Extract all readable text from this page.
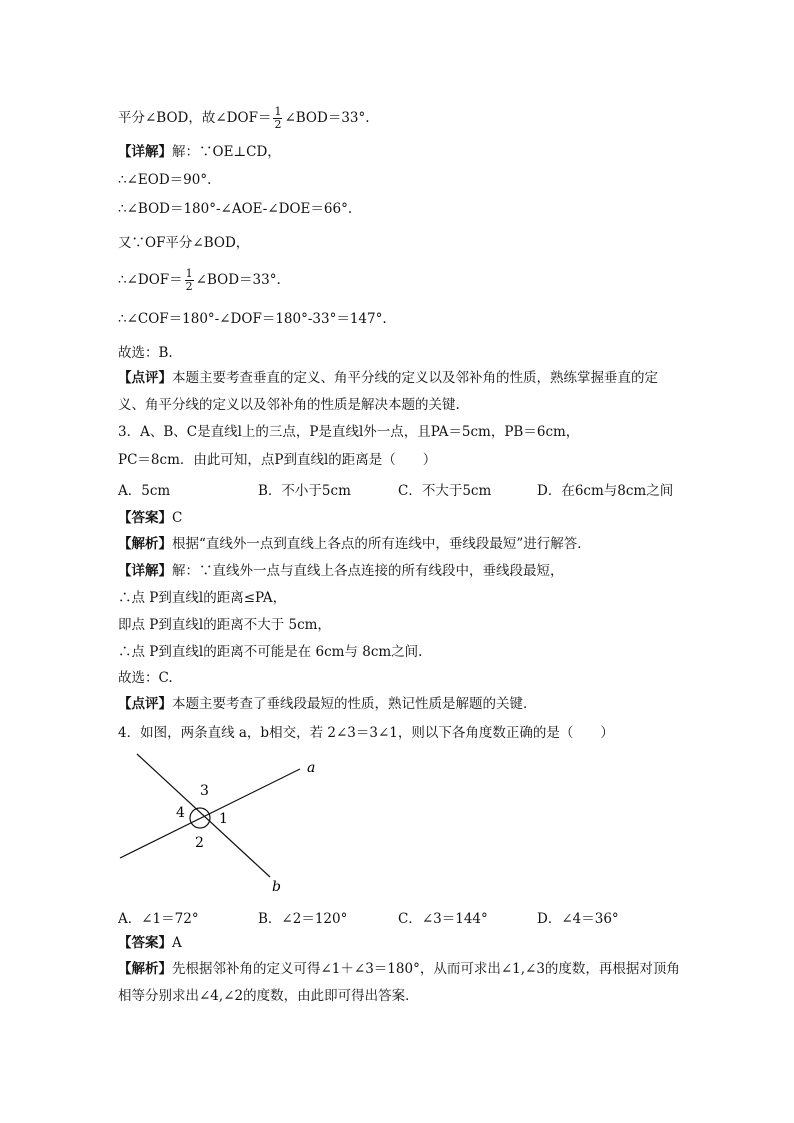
平分∠BOD，故∠DOF＝ $\frac{1}{2}$ ∠BOD＝33°.
【详解】解：∵OE⊥CD，
∴∠EOD＝90°.
∴∠BOD＝180°-∠AOE-∠DOE＝66°.
又∵OF平分∠BOD，
∴∠DOF＝ $\frac{1}{2}$ ∠BOD＝33°.
∴∠COF＝180°-∠DOF＝180°-33°＝147°.
故选：B.
【点评】本题主要考查垂直的定义、角平分线的定义以及邻补角的性质，熟练掌握垂直的定义、角平分线的定义以及邻补角的性质是解决本题的关键.
3．A、B、C是直线l上的三点，P是直线l外一点，且PA＝5cm，PB＝6cm，
PC＝8cm．由此可知，点P到直线l的距离是（　　）
A．5cm	B．不小于5cm	C．不大于5cm	D．在6cm与8cm之间
【答案】C
【解析】根据“直线外一点到直线上各点的所有连线中，垂线段最短”进行解答．
【详解】解：∵直线外一点与直线上各点连接的所有线段中，垂线段最短，
∴点 P到直线l的距离≤PA，
即点 P到直线l的距离不大于 5cm，
∴点 P到直线l的距离不可能是在 6cm与 8cm之间.
故选：C.
【点评】本题主要考查了垂线段最短的性质，熟记性质是解题的关键．
4．如图，两条直线 a，b相交，若 2∠3＝3∠1，则以下各角度数正确的是（　　）
a
b
1
2
3
4
A．∠1＝72°	B．∠2＝120°	C．∠3＝144°	D．∠4＝36°
【答案】A
【解析】先根据邻补角的定义可得∠1＋∠3＝180°，从而可求出∠1,∠3的度数，再根据对顶角相等分别求出∠4,∠2的度数，由此即可得出答案．
